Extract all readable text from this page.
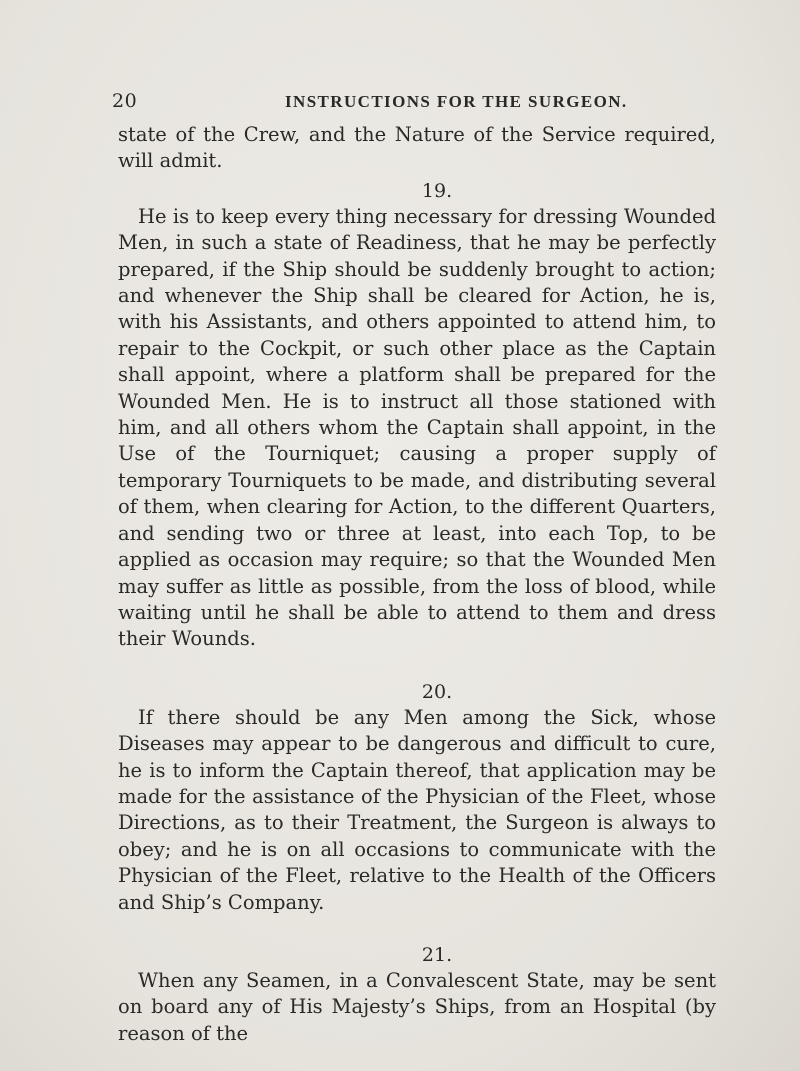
20	INSTRUCTIONS FOR THE SURGEON.

state of the Crew, and the Nature of the Service required, will admit.

19.

He is to keep every thing necessary for dressing Wounded Men, in such a state of Readiness, that he may be perfectly prepared, if the Ship should be suddenly brought to action; and whenever the Ship shall be cleared for Action, he is, with his Assistants, and others appointed to attend him, to repair to the Cockpit, or such other place as the Captain shall appoint, where a platform shall be prepared for the Wounded Men. He is to instruct all those stationed with him, and all others whom the Captain shall appoint, in the Use of the Tourniquet; causing a proper supply of temporary Tourniquets to be made, and distributing several of them, when clearing for Action, to the different Quarters, and sending two or three at least, into each Top, to be applied as occasion may require; so that the Wounded Men may suffer as little as possible, from the loss of blood, while waiting until he shall be able to attend to them and dress their Wounds.

20.

If there should be any Men among the Sick, whose Diseases may appear to be dangerous and difficult to cure, he is to inform the Captain thereof, that application may be made for the assistance of the Physician of the Fleet, whose Directions, as to their Treatment, the Surgeon is always to obey; and he is on all occasions to communicate with the Physician of the Fleet, relative to the Health of the Officers and Ship’s Company.

21.

When any Seamen, in a Convalescent State, may be sent on board any of His Majesty’s Ships, from an Hospital (by reason of the
